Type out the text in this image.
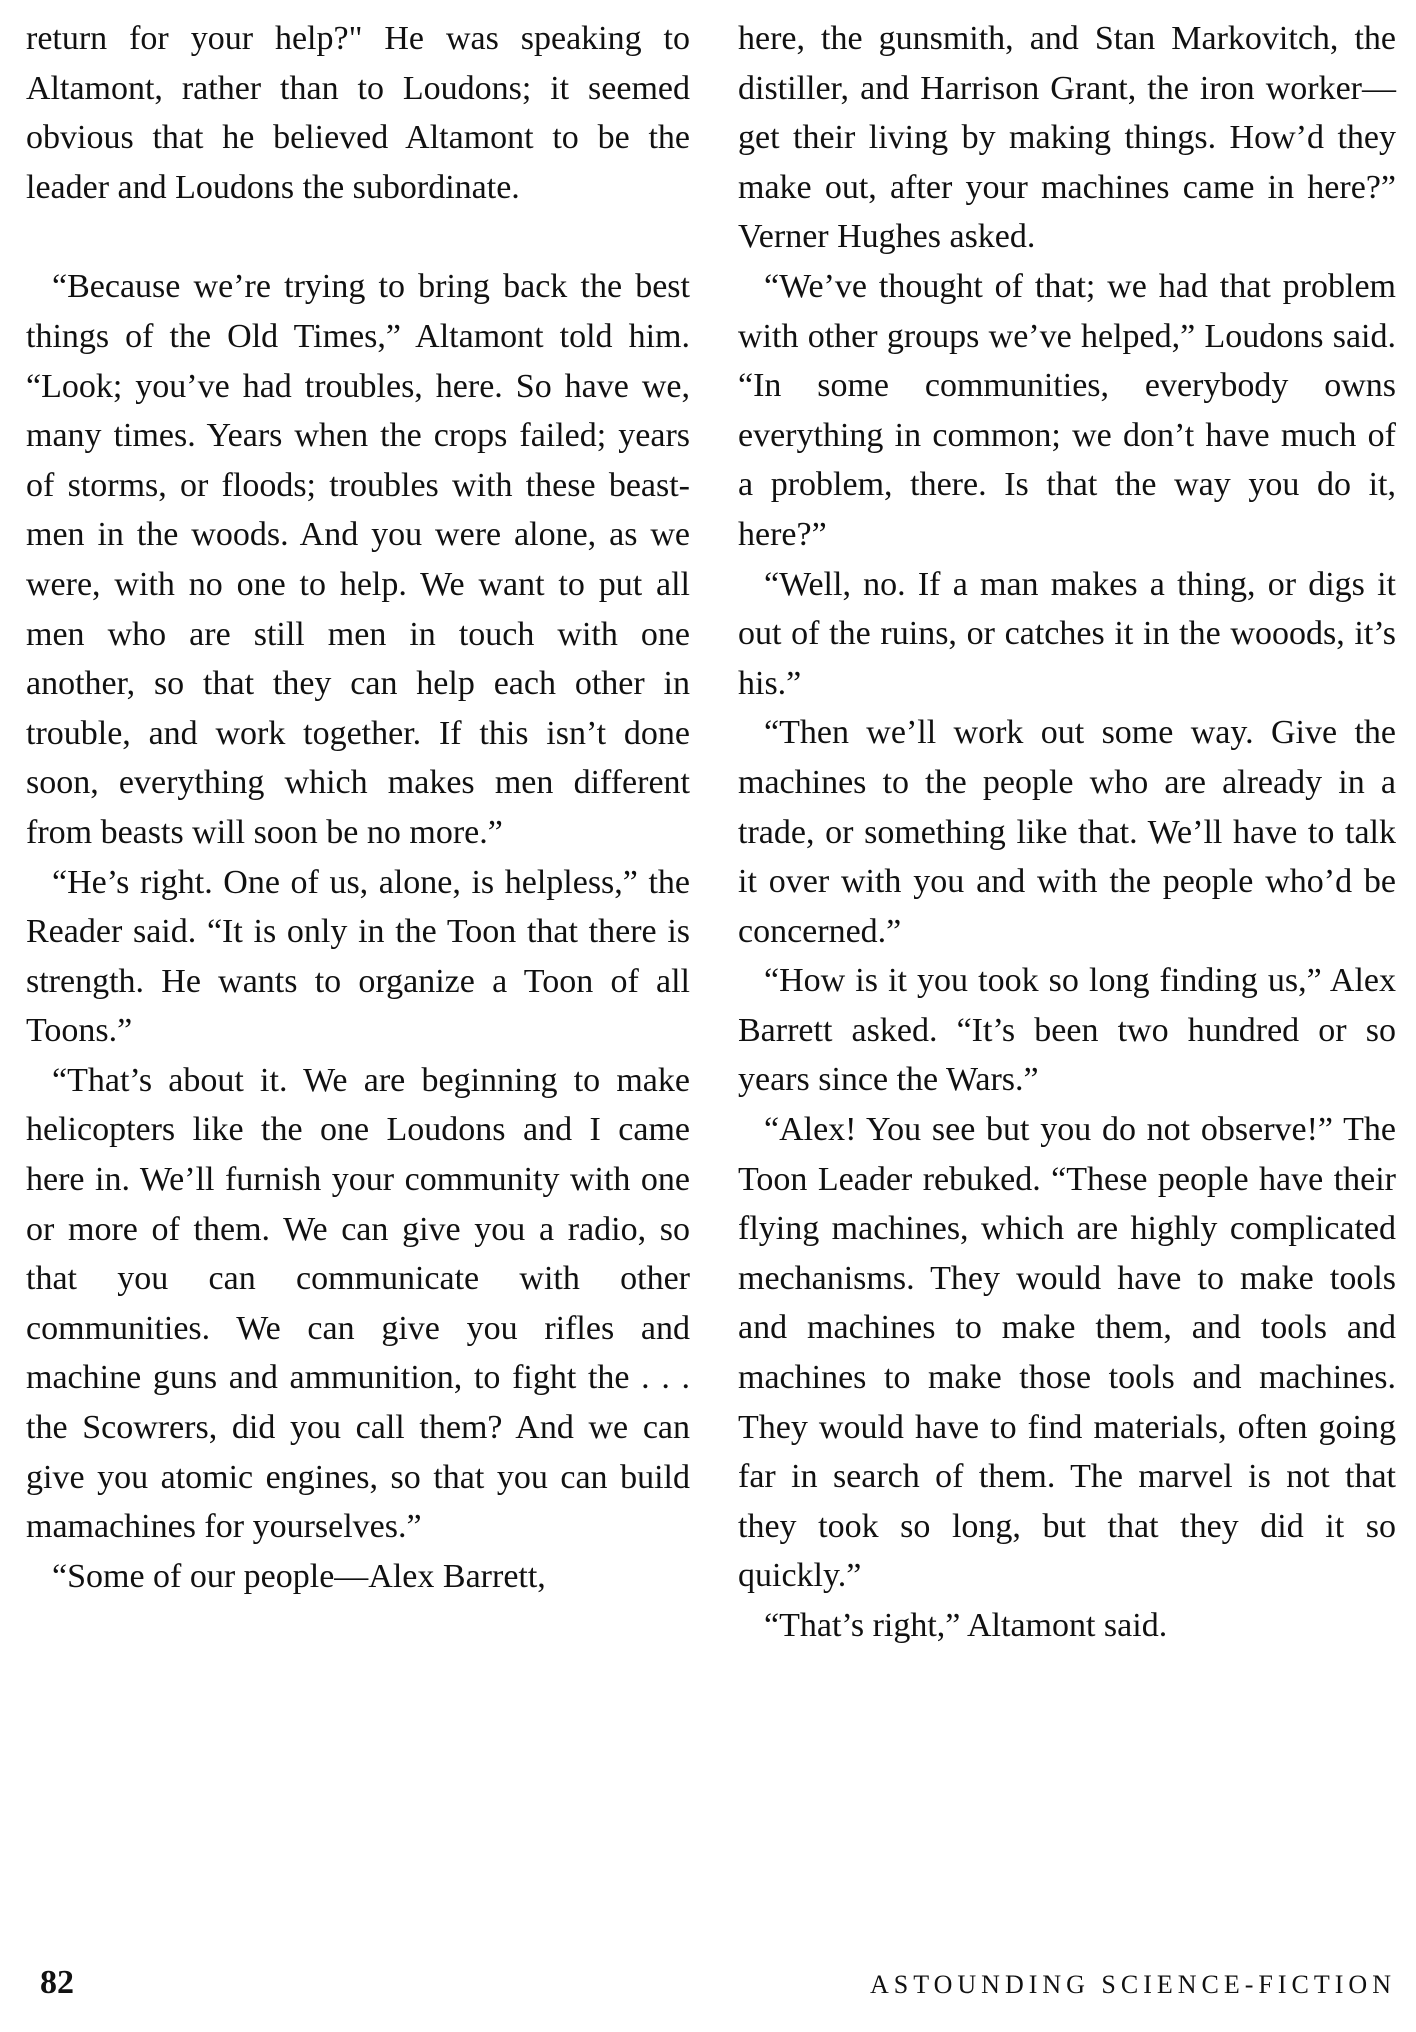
return for your help?" He was speaking to Altamont, rather than to Loudons; it seemed obvious that he believed Altamont to be the leader and Loudons the subordinate.

“Because we’re trying to bring back the best things of the Old Times,” Altamont told him. “Look; you’ve had troubles, here. So have we, many times. Years when the crops failed; years of storms, or floods; troubles with these beast-men in the woods. And you were alone, as we were, with no one to help. We want to put all men who are still men in touch with one another, so that they can help each other in trouble, and work together. If this isn’t done soon, everything which makes men different from beasts will soon be no more.”

“He’s right. One of us, alone, is helpless,” the Reader said. “It is only in the Toon that there is strength. He wants to organize a Toon of all Toons.”

“That’s about it. We are beginning to make helicopters like the one Loudons and I came here in. We’ll furnish your community with one or more of them. We can give you a radio, so that you can communicate with other communities. We can give you rifles and machine guns and ammunition, to fight the . . . the Scowrers, did you call them? And we can give you atomic engines, so that you can build mamachines for yourselves.”

“Some of our people—Alex Barrett,

here, the gunsmith, and Stan Markovitch, the distiller, and Harrison Grant, the iron worker—get their living by making things. How’d they make out, after your machines came in here?” Verner Hughes asked.

“We’ve thought of that; we had that problem with other groups we’ve helped,” Loudons said. “In some communities, everybody owns everything in common; we don’t have much of a problem, there. Is that the way you do it, here?”

“Well, no. If a man makes a thing, or digs it out of the ruins, or catches it in the wooods, it’s his.”

“Then we’ll work out some way. Give the machines to the people who are already in a trade, or something like that. We’ll have to talk it over with you and with the people who’d be concerned.”

“How is it you took so long finding us,” Alex Barrett asked. “It’s been two hundred or so years since the Wars.”

“Alex! You see but you do not observe!” The Toon Leader rebuked. “These people have their flying machines, which are highly complicated mechanisms. They would have to make tools and machines to make them, and tools and machines to make those tools and machines. They would have to find materials, often going far in search of them. The marvel is not that they took so long, but that they did it so quickly.”

“That’s right,” Altamont said.

82	ASTOUNDING SCIENCE-FICTION
